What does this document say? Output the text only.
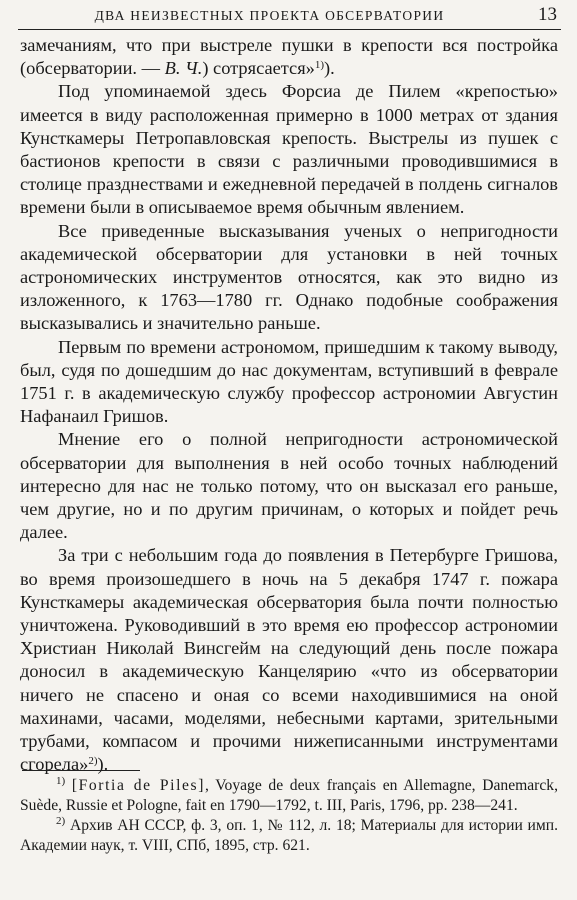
ДВА НЕИЗВЕСТНЫХ ПРОЕКТА ОБСЕРВАТОРИИ	13

замечаниям, что при выстреле пушки в крепости вся постройка (обсерватории. — В. Ч.) сотрясается»$^{1)}$).

Под упоминаемой здесь Форсиа де Пилем «крепостью» имеется в виду расположенная примерно в 1000 метрах от здания Кунсткамеры Петропавловская крепость. Выстрелы из пушек с бастионов крепости в связи с различными проводившимися в столице празднествами и ежедневной передачей в полдень сигналов времени были в описываемое время обычным явлением.

Все приведенные высказывания ученых о непригодности академической обсерватории для установки в ней точных астрономических инструментов относятся, как это видно из изложенного, к 1763—1780 гг. Однако подобные соображения высказывались и значительно раньше.

Первым по времени астрономом, пришедшим к такому выводу, был, судя по дошедшим до нас документам, вступивший в феврале 1751 г. в академическую службу профессор астрономии Августин Нафанаил Гришов.

Мнение его о полной непригодности астрономической обсерватории для выполнения в ней особо точных наблюдений интересно для нас не только потому, что он высказал его раньше, чем другие, но и по другим причинам, о которых и пойдет речь далее.

За три с небольшим года до появления в Петербурге Гришова, во время произошедшего в ночь на 5 декабря 1747 г. пожара Кунсткамеры академическая обсерватория была почти полностью уничтожена. Руководивший в это время ею профессор астрономии Христиан Николай Винсгейм на следующий день после пожара доносил в академическую Канцелярию «что из обсерватории ничего не спасено и оная со всеми находившимися на оной махинами, часами, моделями, небесными картами, зрительными трубами, компасом и прочими нижеписанными инструментами сгорела»$^{2)}$).

$^{1)}$ [Fortia de Piles], Voyage de deux français en Allemagne, Danemarck, Suède, Russie et Pologne, fait en 1790—1792, t. III, Paris, 1796, pp. 238—241.

$^{2)}$ Архив АН СССР, ф. 3, оп. 1, № 112, л. 18; Материалы для истории имп. Академии наук, т. VIII, СПб, 1895, стр. 621.
